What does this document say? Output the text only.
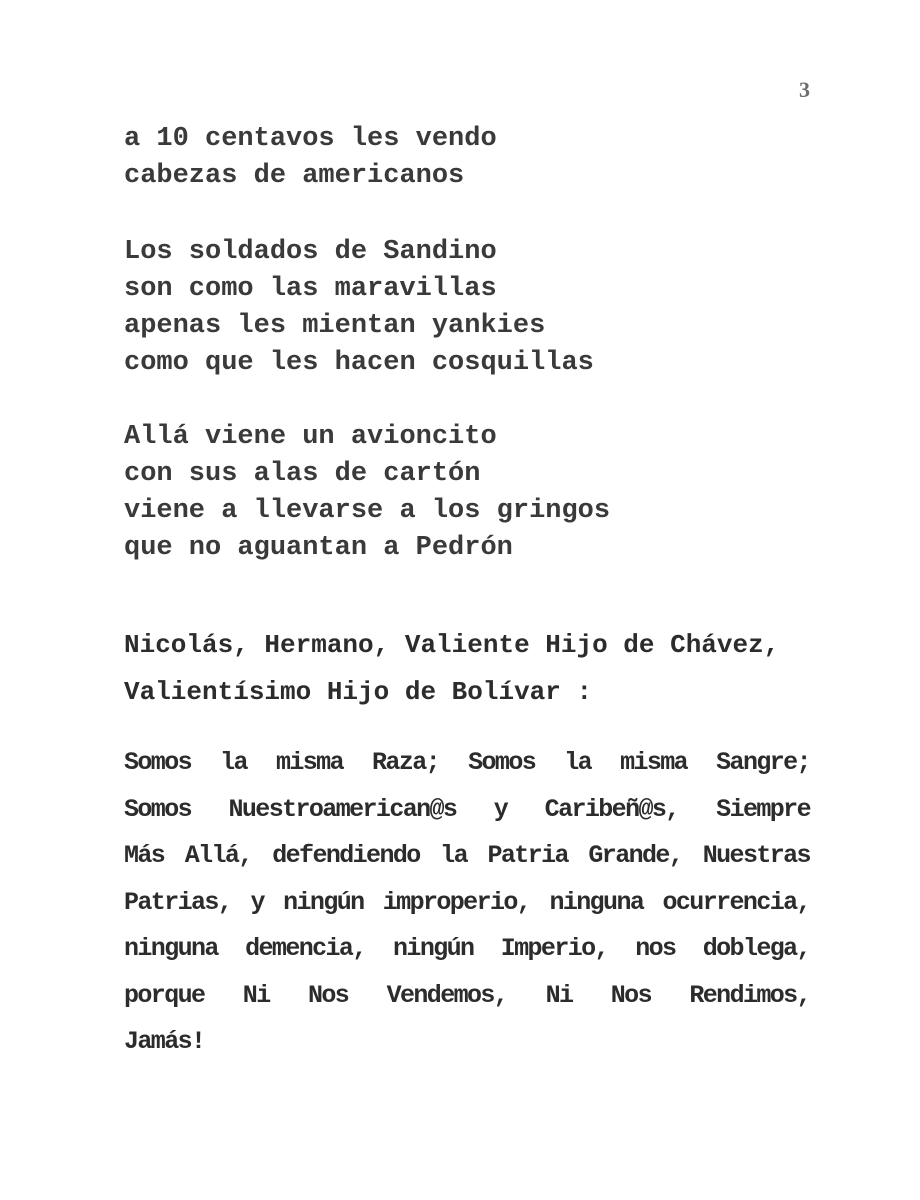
3
a 10 centavos les vendo
cabezas de americanos
Los soldados de Sandino
son como las maravillas
apenas les mientan yankies
como que les hacen cosquillas
Allá viene un avioncito
con sus alas de cartón
viene a llevarse a los gringos
que no aguantan a Pedrón
Nicolás, Hermano, Valiente Hijo de Chávez,
Valientísimo Hijo de Bolívar :
Somos la misma Raza; Somos la misma Sangre;
Somos Nuestroamerican@s y Caribeñ@s, Siempre
Más Allá, defendiendo la Patria Grande, Nuestras
Patrias, y ningún improperio, ninguna ocurrencia,
ninguna demencia, ningún Imperio, nos doblega,
porque Ni Nos Vendemos, Ni Nos Rendimos,
Jamás!
